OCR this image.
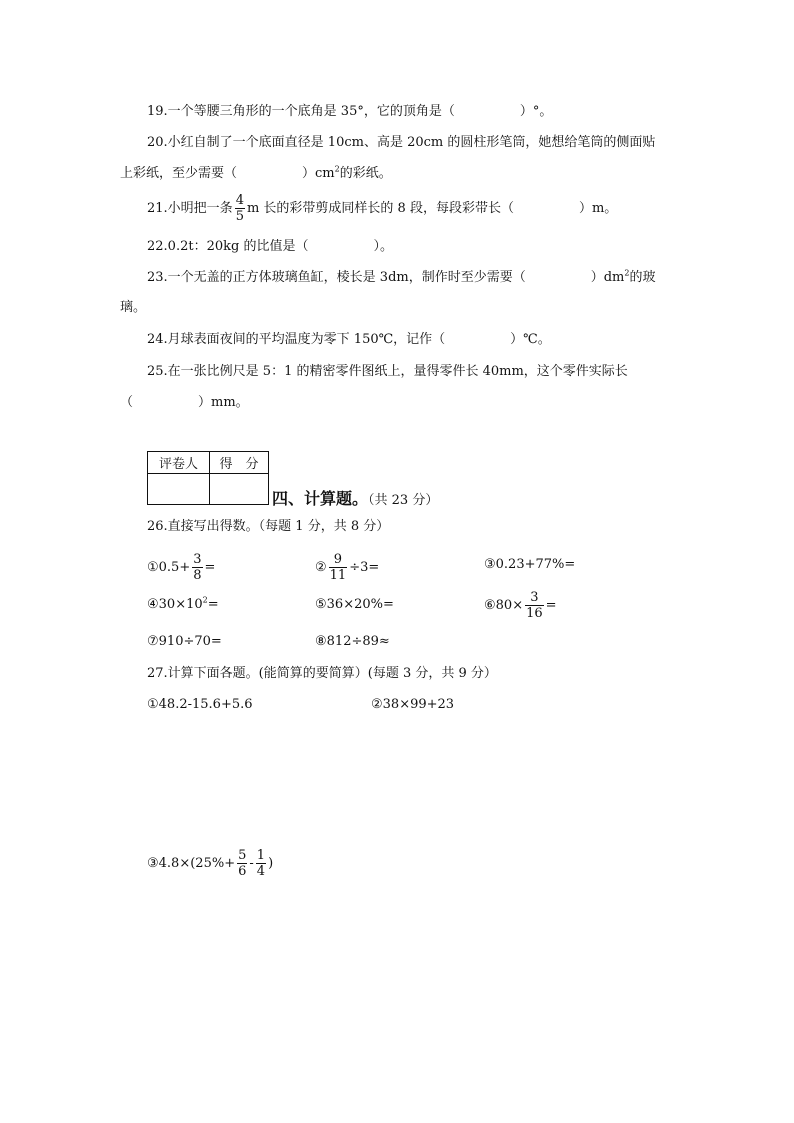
19.一个等腰三角形的一个底角是 35°，它的顶角是（　　　　　）°。
20.小红自制了一个底面直径是 10cm、高是 20cm 的圆柱形笔筒，她想给笔筒的侧面贴
上彩纸，至少需要（　　　　　）$cm^2$的彩纸。
21.小明把一条 $\frac{4}{5}$ m 长的彩带剪成同样长的 8 段，每段彩带长（　　　　　）m。
22.0.2t：20kg 的比值是（　　　　　）。
23.一个无盖的正方体玻璃鱼缸，棱长是 3dm，制作时至少需要（　　　　　）$dm^2$的玻
璃。
24.月球表面夜间的平均温度为零下 150℃，记作（　　　　　）℃。
25.在一张比例尺是 5：1 的精密零件图纸上，量得零件长 40mm，这个零件实际长
（　　　　　）mm。
评卷人	得　分

四、计算题。（共 23 分）
26.直接写出得数。（每题 1 分，共 8 分）
①0.5+ $\frac{3}{8}$ =	② $\frac{9}{11} \div 3=$	③0.23+77%=
$④30\times 10^2=$	⑤36×20%=	⑥80× $\frac{3}{16}$ =
⑦910÷70=	⑧812÷89≈
27.计算下面各题。(能简算的要简算）(每题 3 分，共 9 分）
①48.2-15.6+5.6	②38×99+23
③4.8×(25%+ $\frac{5}{6} - \frac{1}{4}$ )
